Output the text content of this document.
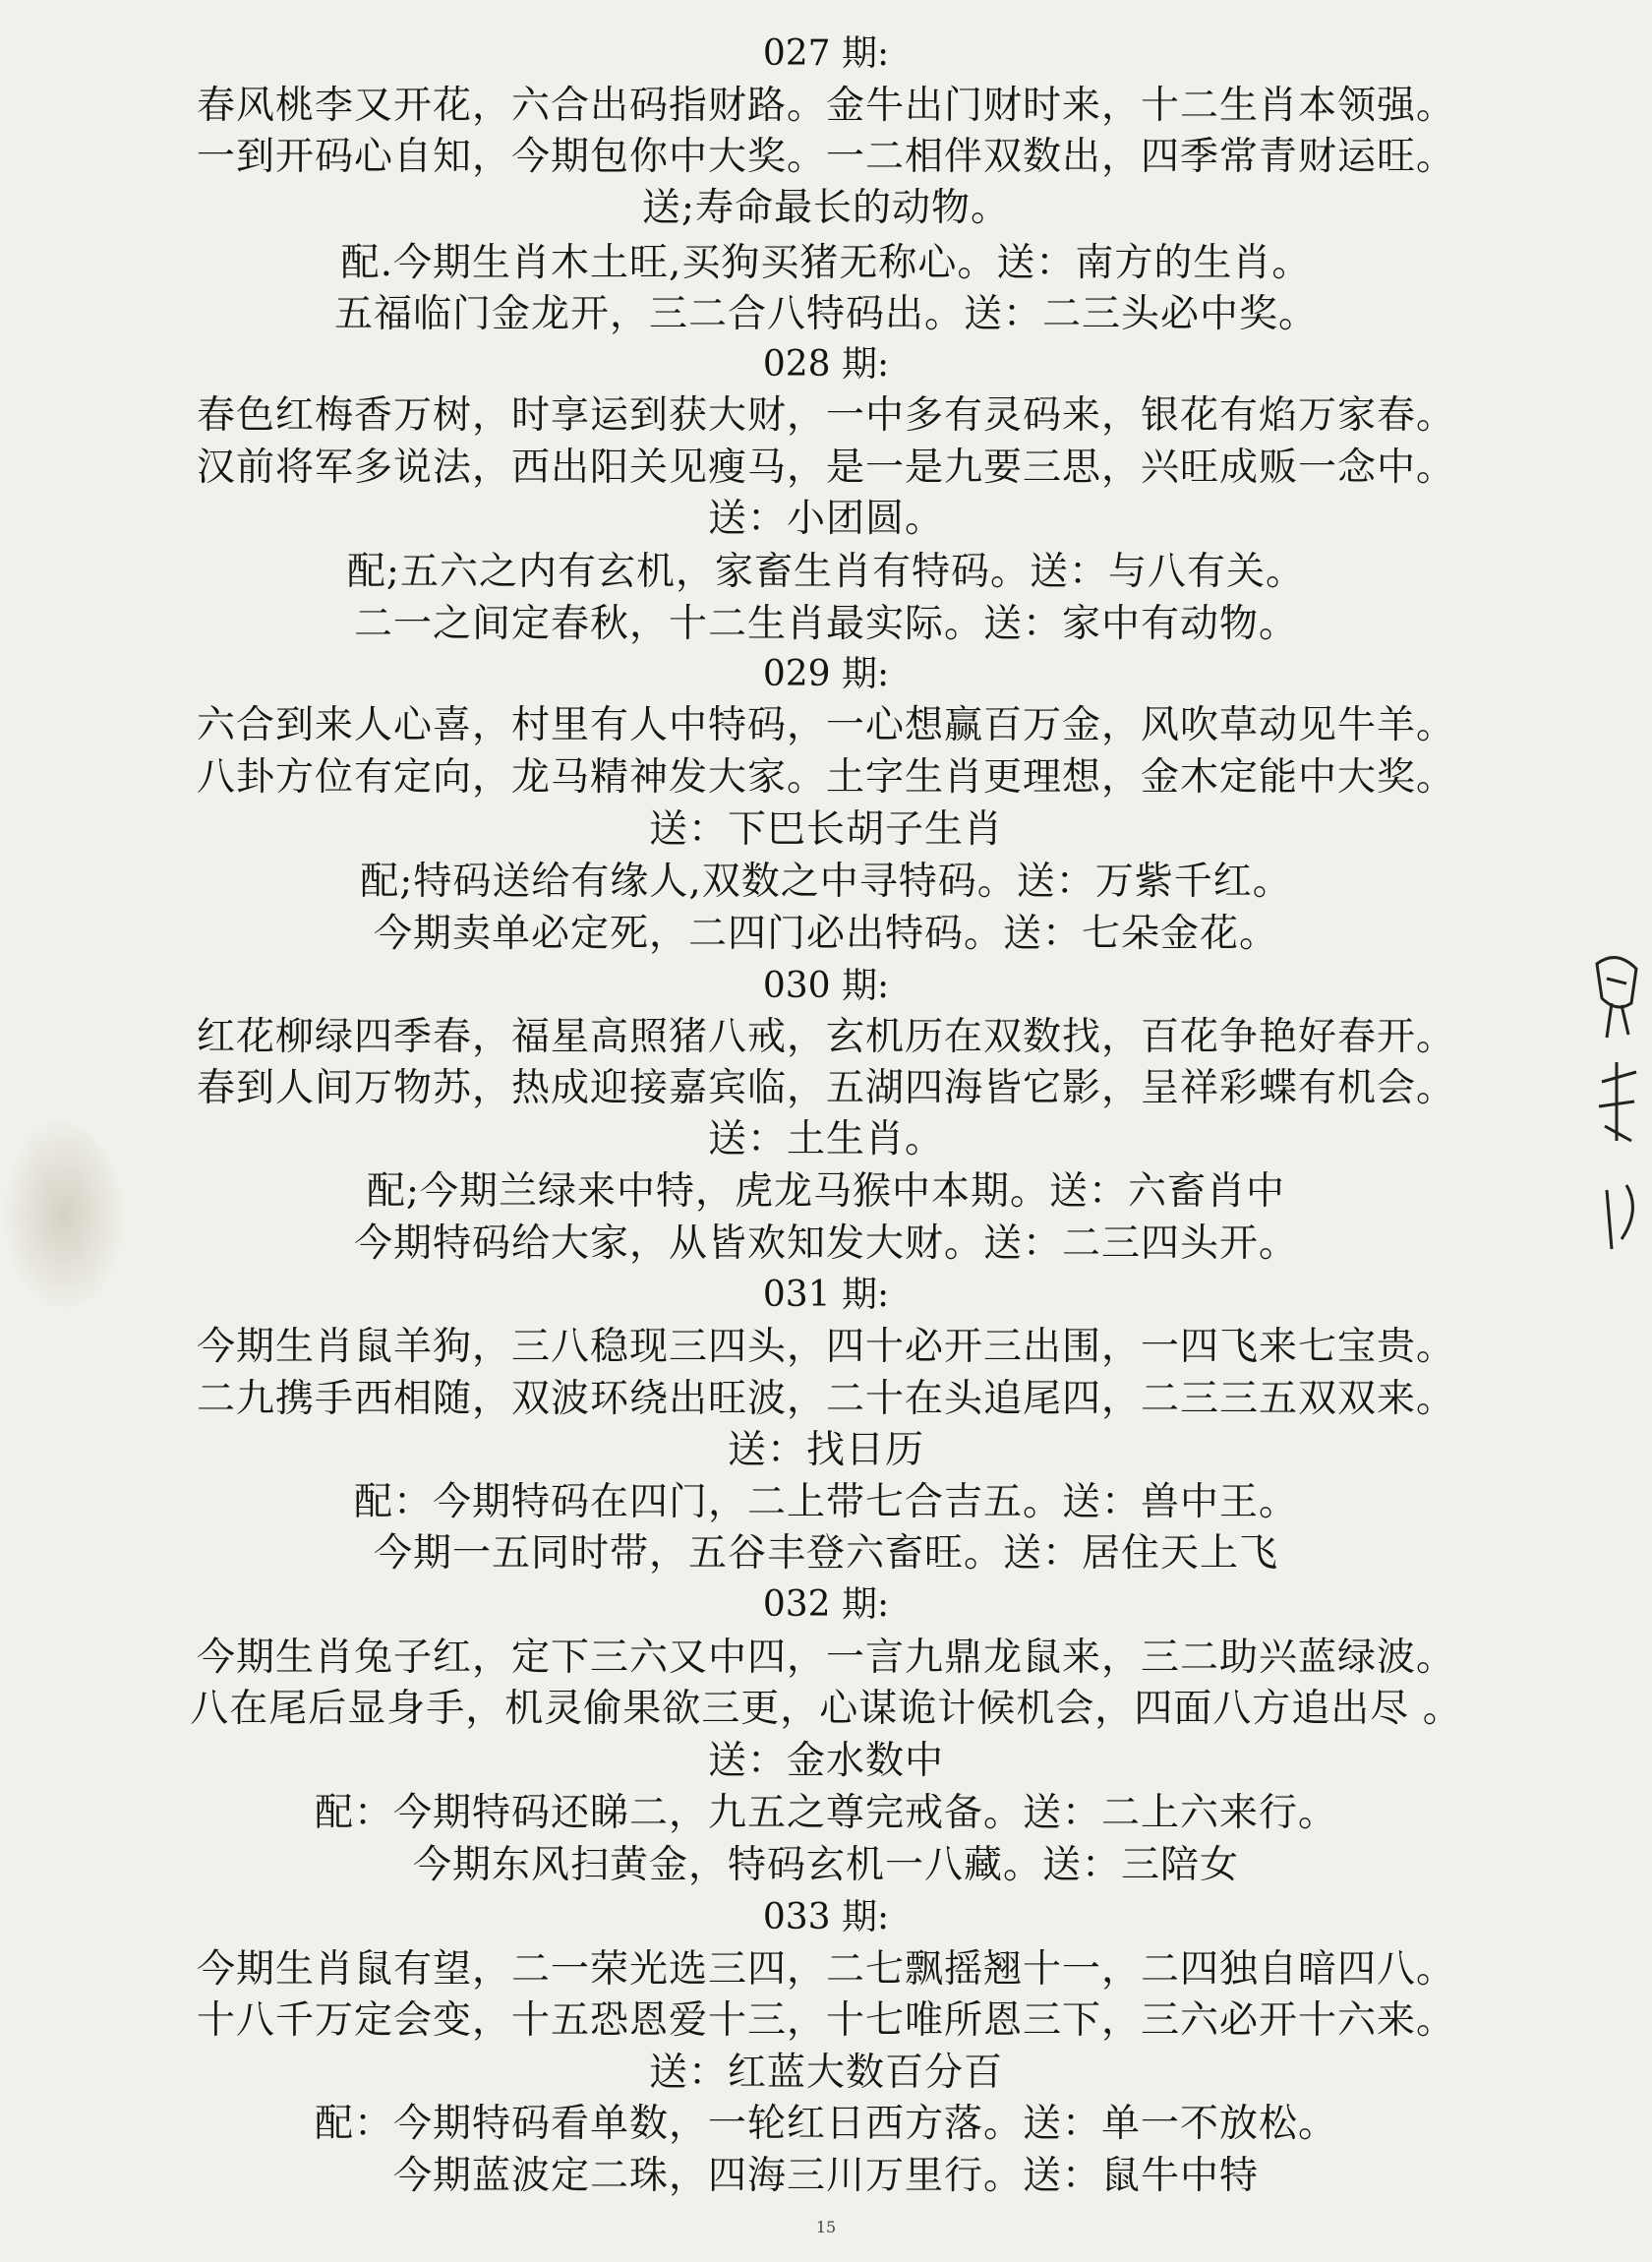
027 期:
春风桃李又开花，六合出码指财路。金牛出门财时来，十二生肖本领强。
一到开码心自知，今期包你中大奖。一二相伴双数出，四季常青财运旺。
送;寿命最长的动物。
配.今期生肖木土旺,买狗买猪无称心。送：南方的生肖。
五福临门金龙开，三二合八特码出。送：二三头必中奖。
028 期:
春色红梅香万树，时享运到获大财，一中多有灵码来，银花有焰万家春。
汉前将军多说法，西出阳关见瘦马，是一是九要三思，兴旺成贩一念中。
送：小团圆。
配;五六之内有玄机，家畜生肖有特码。送：与八有关。
二一之间定春秋，十二生肖最实际。送：家中有动物。
029 期:
六合到来人心喜，村里有人中特码，一心想赢百万金，风吹草动见牛羊。
八卦方位有定向，龙马精神发大家。土字生肖更理想，金木定能中大奖。
送：下巴长胡子生肖
配;特码送给有缘人,双数之中寻特码。送：万紫千红。
今期卖单必定死，二四门必出特码。送：七朵金花。
030 期:
红花柳绿四季春，福星高照猪八戒，玄机历在双数找，百花争艳好春开。
春到人间万物苏，热成迎接嘉宾临，五湖四海皆它影，呈祥彩蝶有机会。
送：土生肖。
配;今期兰绿来中特，虎龙马猴中本期。送：六畜肖中
今期特码给大家，从皆欢知发大财。送：二三四头开。
031 期:
今期生肖鼠羊狗，三八稳现三四头，四十必开三出围，一四飞来七宝贵。
二九携手西相随，双波环绕出旺波，二十在头追尾四，二三三五双双来。
送：找日历
配：今期特码在四门，二上带七合吉五。送：兽中王。
今期一五同时带，五谷丰登六畜旺。送：居住天上飞
032 期:
今期生肖兔子红，定下三六又中四，一言九鼎龙鼠来，三二助兴蓝绿波。
八在尾后显身手，机灵偷果欲三更，心谋诡计候机会，四面八方追出尽 。
送：金水数中
配：今期特码还睇二，九五之尊完戒备。送：二上六来行。
今期东风扫黄金，特码玄机一八藏。送：三陪女
033 期:
今期生肖鼠有望，二一荣光选三四，二七飘摇翘十一，二四独自暗四八。
十八千万定会变，十五恐恩爱十三，十七唯所恩三下，三六必开十六来。
送：红蓝大数百分百
配：今期特码看单数，一轮红日西方落。送：单一不放松。
今期蓝波定二珠，四海三川万里行。送：鼠牛中特
15
